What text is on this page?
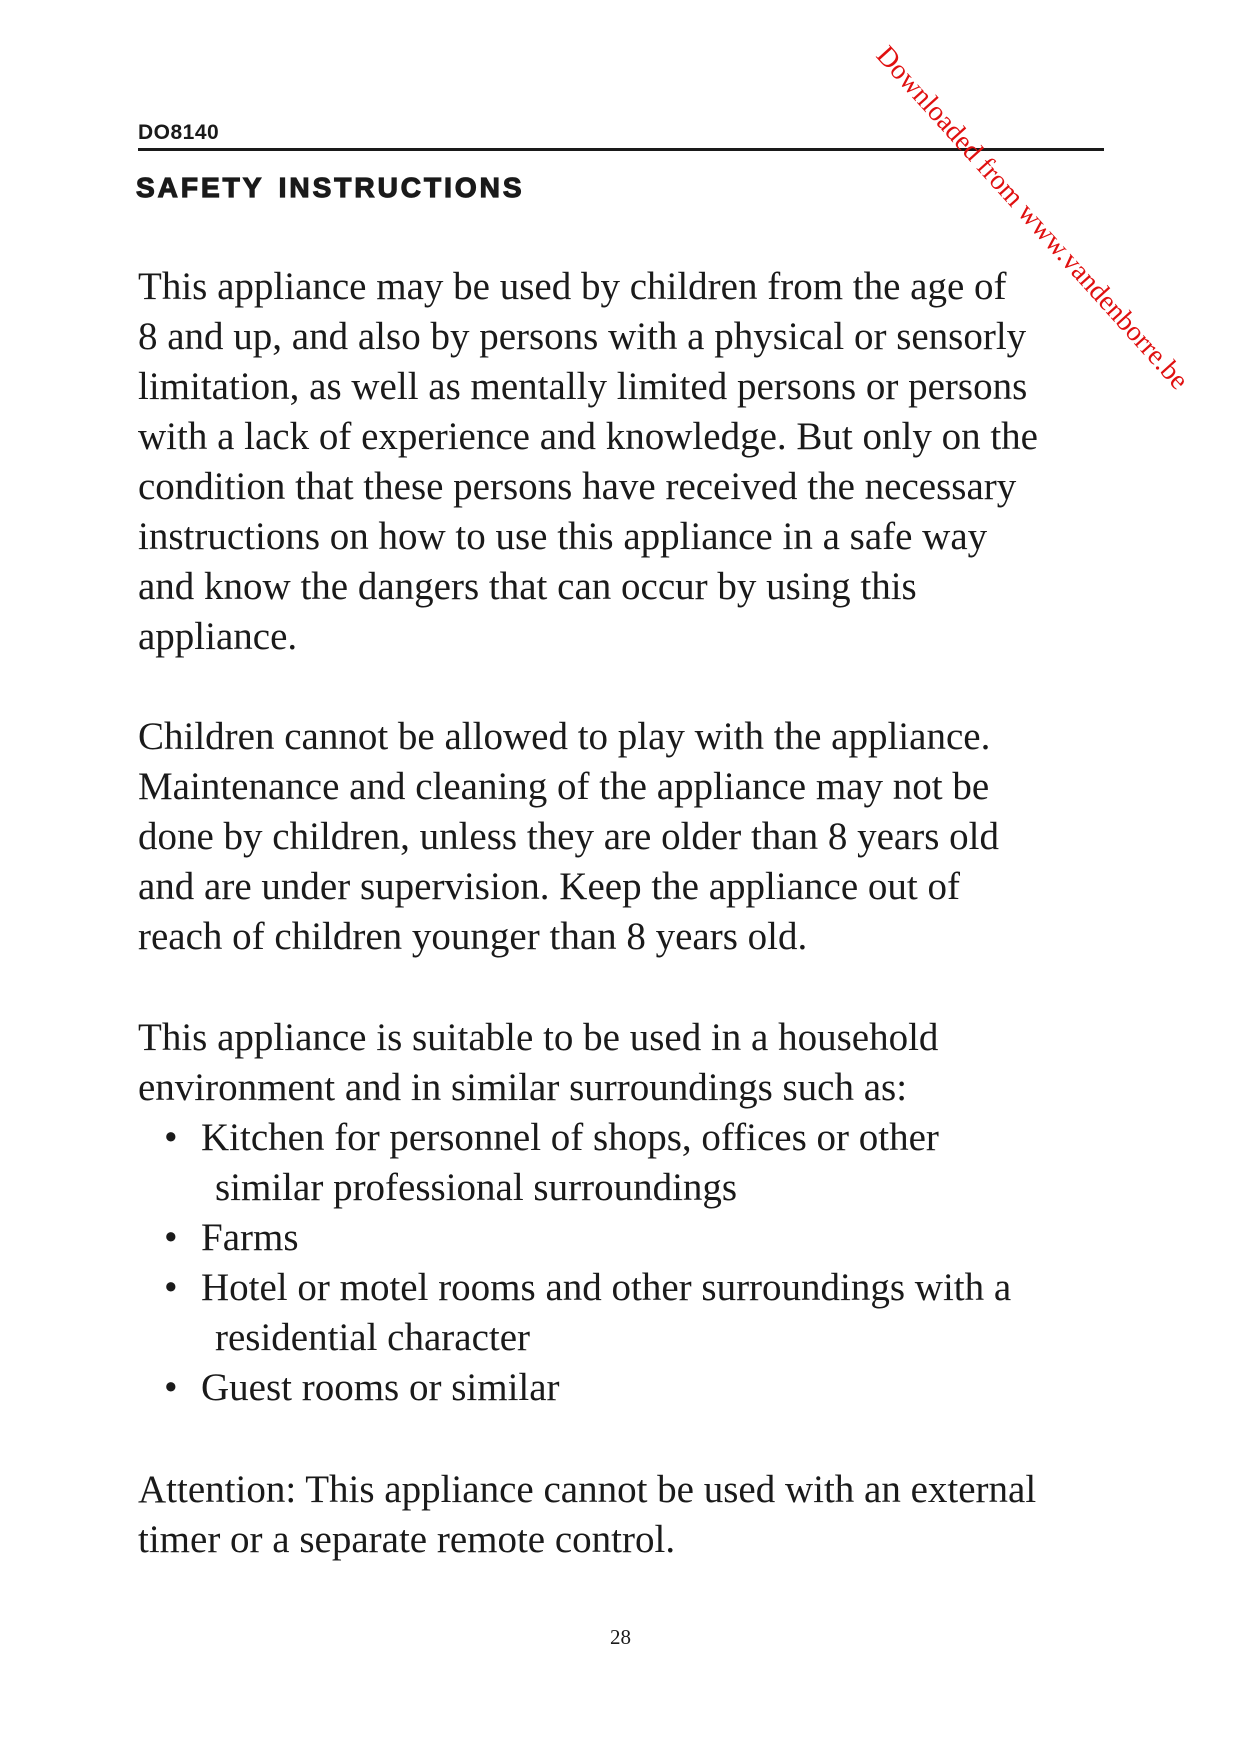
DO8140
safety instructions	Downloaded from www.vandenborre.be

This appliance may be used by children from the age of
8 and up, and also by persons with a physical or sensorly
limitation, as well as mentally limited persons or persons
with a lack of experience and knowledge. But only on the
condition that these persons have received the necessary
instructions on how to use this appliance in a safe way
and know the dangers that can occur by using this
appliance.

Children cannot be allowed to play with the appliance.
Maintenance and cleaning of the appliance may not be
done by children, unless they are older than 8 years old
and are under supervision. Keep the appliance out of
reach of children younger than 8 years old.

This appliance is suitable to be used in a household
environment and in similar surroundings such as:

• Kitchen for personnel of shops, offices or other
similar professional surroundings
• Farms
• Hotel or motel rooms and other surroundings with a
residential character
• Guest rooms or similar

Attention: This appliance cannot be used with an external
timer or a separate remote control.

28
